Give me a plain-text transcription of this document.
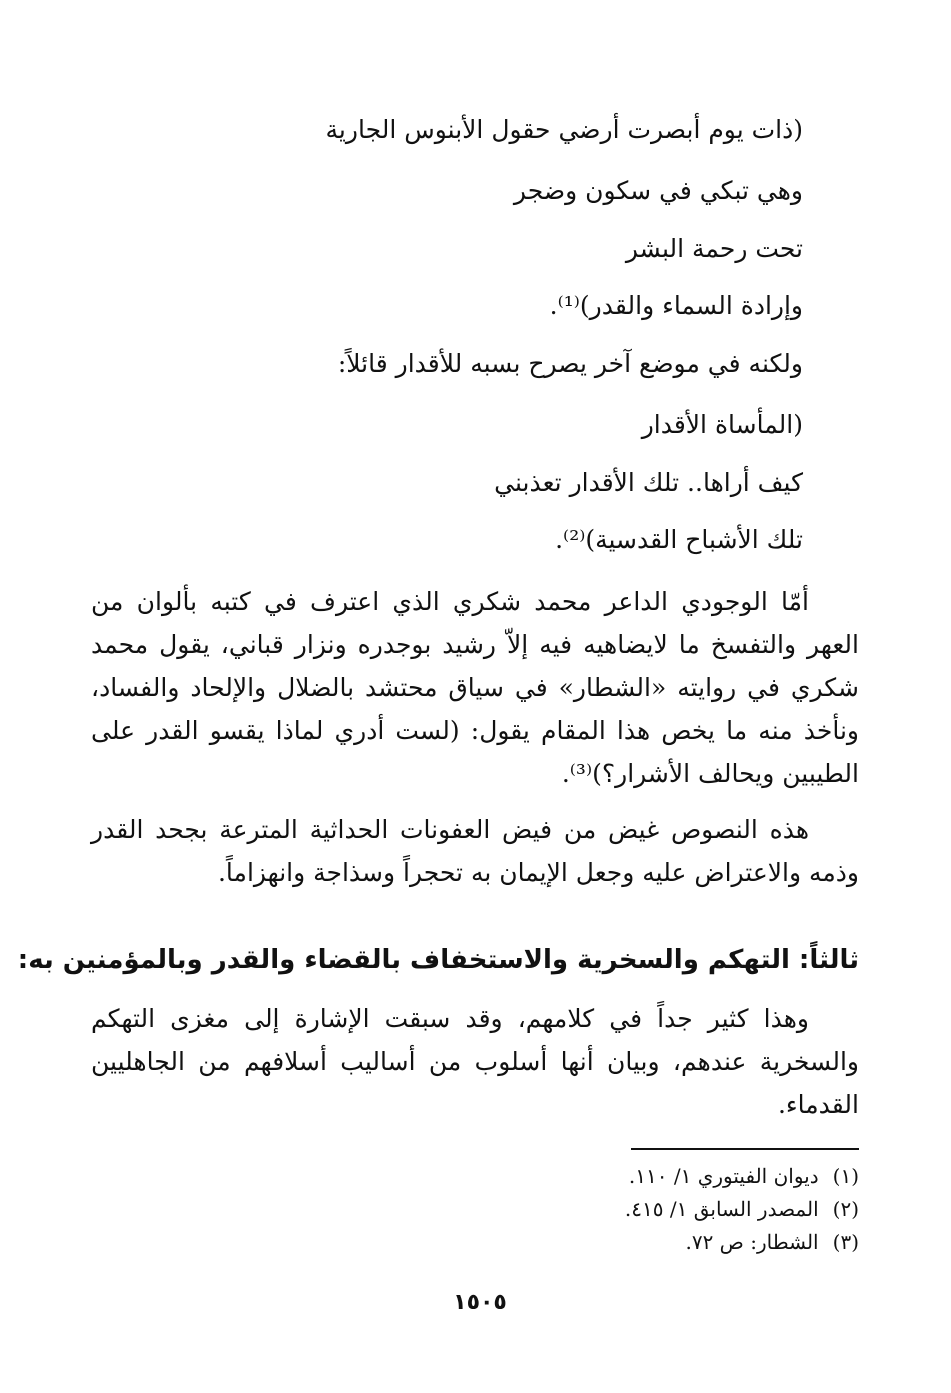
(ذات يوم أبصرت أرضي حقول الأبنوس الجارية
وهي تبكي في سكون وضجر
تحت رحمة البشر
وإرادة السماء والقدر)⁽¹⁾.
ولكنه في موضع آخر يصرح بسبه للأقدار قائلاً:
(المأساة الأقدار
كيف أراها.. تلك الأقدار تعذبني
تلك الأشباح القدسية)⁽²⁾.
أمّا الوجودي الداعر محمد شكري الذي اعترف في كتبه بألوان من العهر والتفسخ ما لايضاهيه فيه إلاّ رشيد بوجدره ونزار قباني، يقول محمد شكري في روايته «الشطار» في سياق محتشد بالضلال والإلحاد والفساد، ونأخذ منه ما يخص هذا المقام يقول: (لست أدري لماذا يقسو القدر على الطيبين ويحالف الأشرار؟)⁽³⁾.
هذه النصوص غيض من فيض العفونات الحداثية المترعة بجحد القدر وذمه والاعتراض عليه وجعل الإيمان به تحجراً وسذاجة وانهزاماً.
ثالثاً: التهكم والسخرية والاستخفاف بالقضاء والقدر وبالمؤمنين به:
وهذا كثير جداً في كلامهم، وقد سبقت الإشارة إلى مغزى التهكم والسخرية عندهم، وبيان أنها أسلوب من أساليب أسلافهم من الجاهليين القدماء.
(١)ديوان الفيتوري ١/ ١١٠.
(٢)المصدر السابق ١/ ٤١٥.
(٣)الشطار: ص ٧٢.
١٥٠٥
